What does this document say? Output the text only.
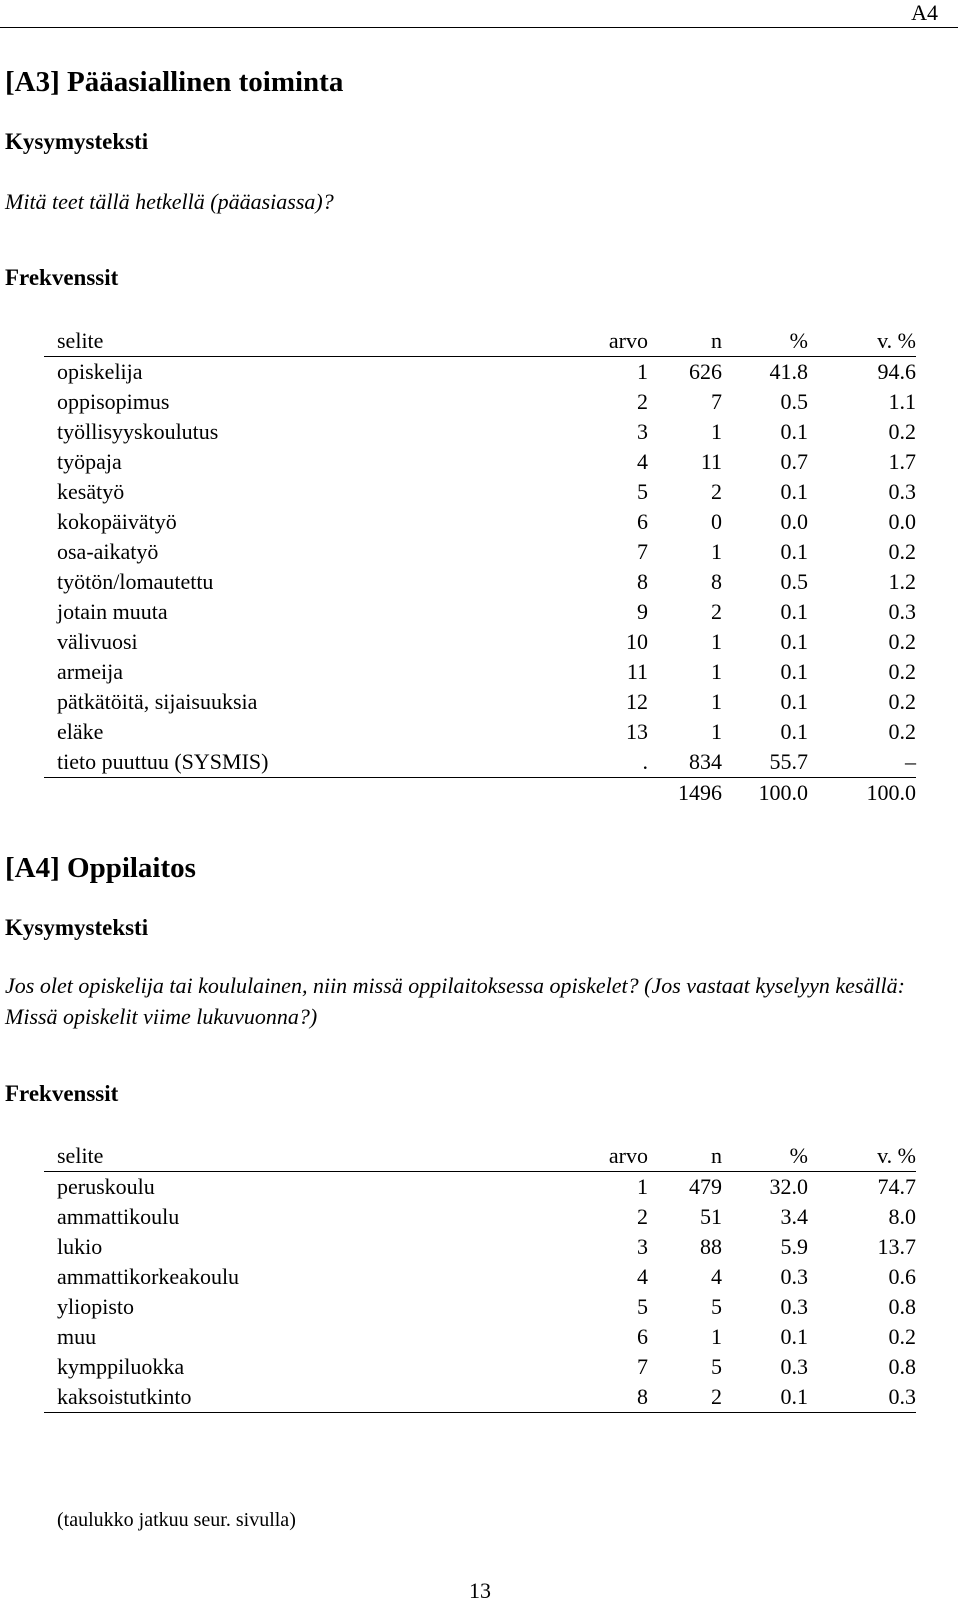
A4
[A3] Pääasiallinen toiminta
Kysymysteksti
Mitä teet tällä hetkellä (pääasiassa)?
Frekvenssit
selite	arvo	n	%	v. %
opiskelija	1	626	41.8	94.6
oppisopimus	2	7	0.5	1.1
työllisyyskoulutus	3	1	0.1	0.2
työpaja	4	11	0.7	1.7
kesätyö	5	2	0.1	0.3
kokopäivätyö	6	0	0.0	0.0
osa-aikatyö	7	1	0.1	0.2
työtön/lomautettu	8	8	0.5	1.2
jotain muuta	9	2	0.1	0.3
välivuosi	10	1	0.1	0.2
armeija	11	1	0.1	0.2
pätkätöitä, sijaisuuksia	12	1	0.1	0.2
eläke	13	1	0.1	0.2
tieto puuttuu (SYSMIS)	.	834	55.7	–
		1496	100.0	100.0
[A4] Oppilaitos
Kysymysteksti
Jos olet opiskelija tai koululainen, niin missä oppilaitoksessa opiskelet? (Jos vastaat kyselyyn kesällä: Missä opiskelit viime lukuvuonna?)
Frekvenssit
selite	arvo	n	%	v. %
peruskoulu	1	479	32.0	74.7
ammattikoulu	2	51	3.4	8.0
lukio	3	88	5.9	13.7
ammattikorkeakoulu	4	4	0.3	0.6
yliopisto	5	5	0.3	0.8
muu	6	1	0.1	0.2
kymppiluokka	7	5	0.3	0.8
kaksoistutkinto	8	2	0.1	0.3
(taulukko jatkuu seur. sivulla)
13
